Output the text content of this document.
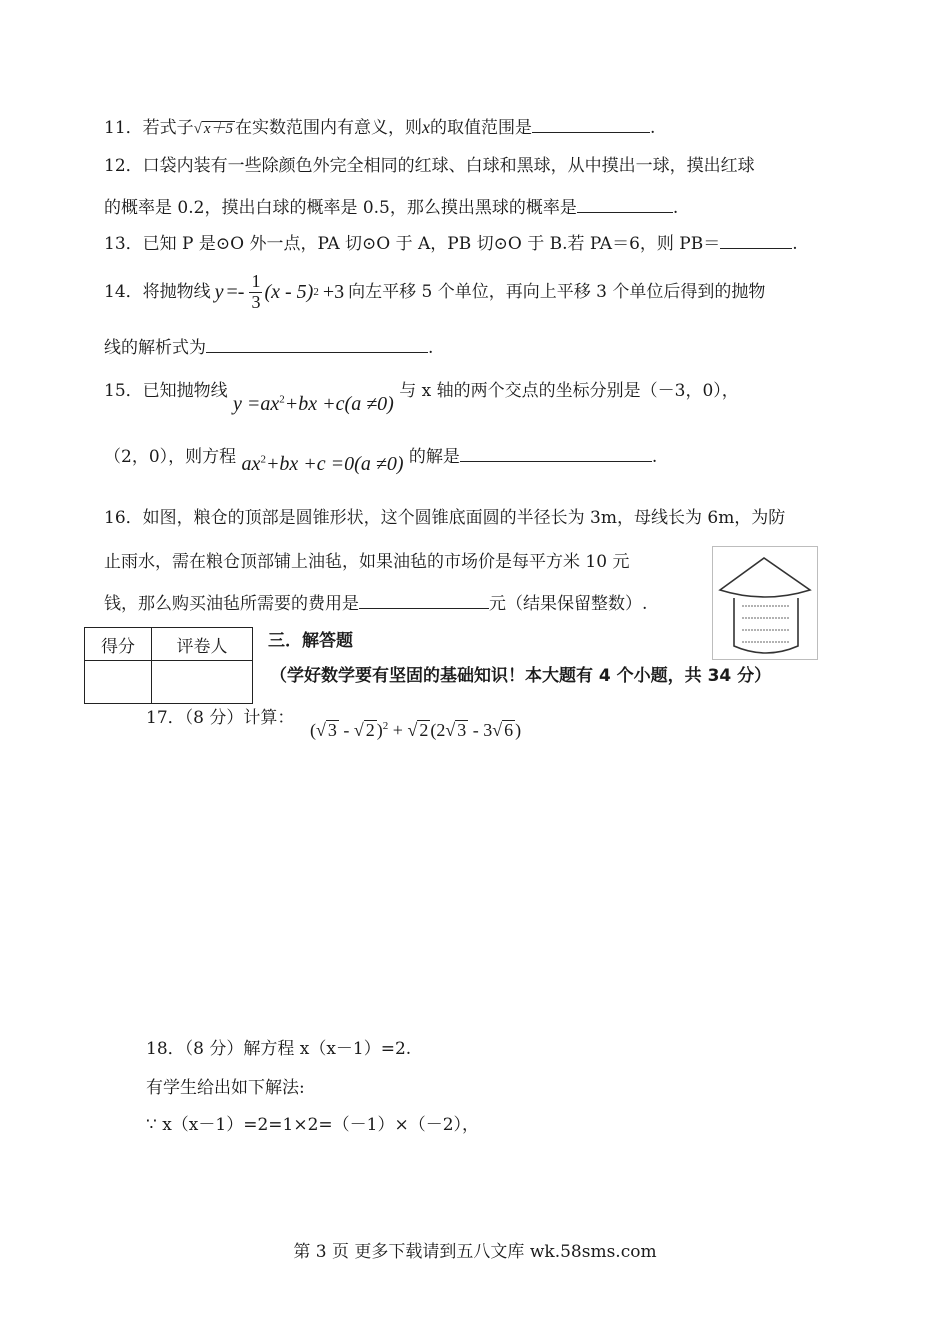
11．若式子√ x＋5 在实数范围内有意义，则x的取值范围是	.
12．口袋内装有一些除颜色外完全相同的红球、白球和黑球，从中摸出一球，摸出红球
的概率是 0.2，摸出白球的概率是 0.5，那么摸出黑球的概率是	.
13．已知 P 是⊙O 外一点，PA 切⊙O 于 A，PB 切⊙O 于 B.若 PA＝6，则 PB＝	.
14．将抛物线 $y =- \frac{1}{3} (x - 5)$ 2 +3 向左平移 5 个单位，再向上平移 3 个单位后得到的抛物
线的解析式为	.
15．已知抛物线 $y =ax^2+bx +c(a \ne 0)$ 与 x 轴的两个交点的坐标分别是（－3，0），
（2，0），则方程 $ax^2+bx +c =0(a \ne 0)$ 的解是	.
16．如图，粮仓的顶部是圆锥形状，这个圆锥底面圆的半径长为 3m，母线长为 6m，为防
止雨水，需在粮仓顶部铺上油毡，如果油毡的市场价是每平方米 10 元
钱，那么购买油毡所需要的费用是	元（结果保留整数）.
得分	评卷人
	三．解答题
（学好数学要有坚固的基础知识！本大题有 4 个小题，共 34 分）
17．（8 分）计算：
(√ 3 - √ 2 )$^2$ + √ 2 (2√ 3 - 3√ 6 )
18．（8 分）解方程 x（x－1）=2.
有学生给出如下解法:
∵ x（x－1）=2=1×2=（－1）×（－2），
第 3 页 更多下载请到五八文库 wk.58sms.com
